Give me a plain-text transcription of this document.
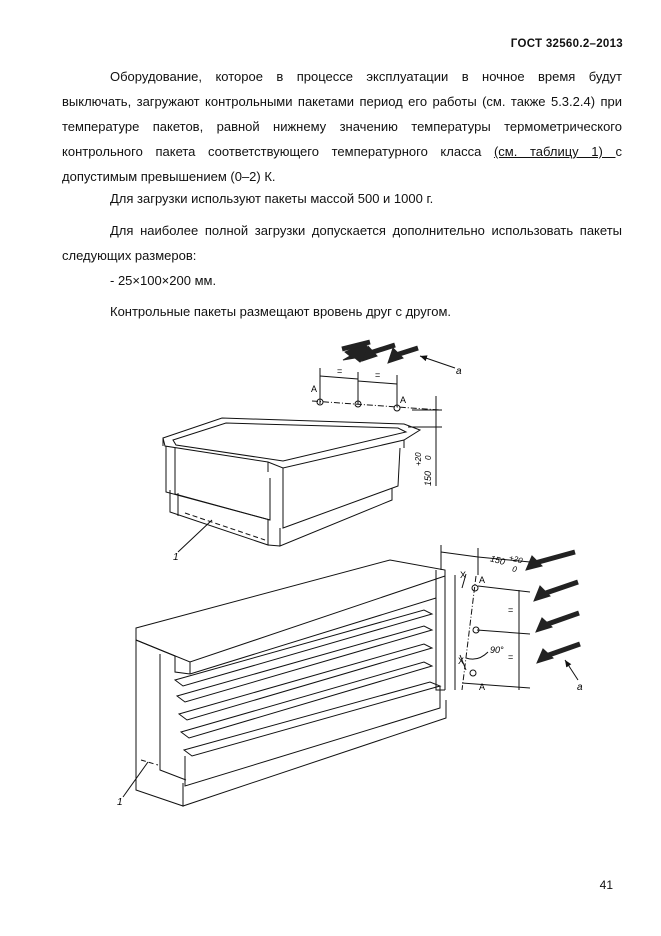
ГОСТ 32560.2–2013
Оборудование, которое в процессе эксплуатации в ночное время будут
выключать, загружают контрольными пакетами период его работы (см. также 5.3.2.4) при
температуре пакетов, равной нижнему значению температуры термометрического
контрольного пакета соответствующего температурного класса (см. таблицу 1) с
допустимым превышением (0–2) К.
Для загрузки используют пакеты массой 500 и 1000 г.
Для наиболее полной загрузки допускается дополнительно использовать пакеты
следующих размеров:
- 25×100×200 мм.
Контрольные пакеты размещают вровень друг с другом.
a
A
A
=	=
150
+20 0
1	150 +20
0
X
X
A
A
=
=
90°
a
1
41
